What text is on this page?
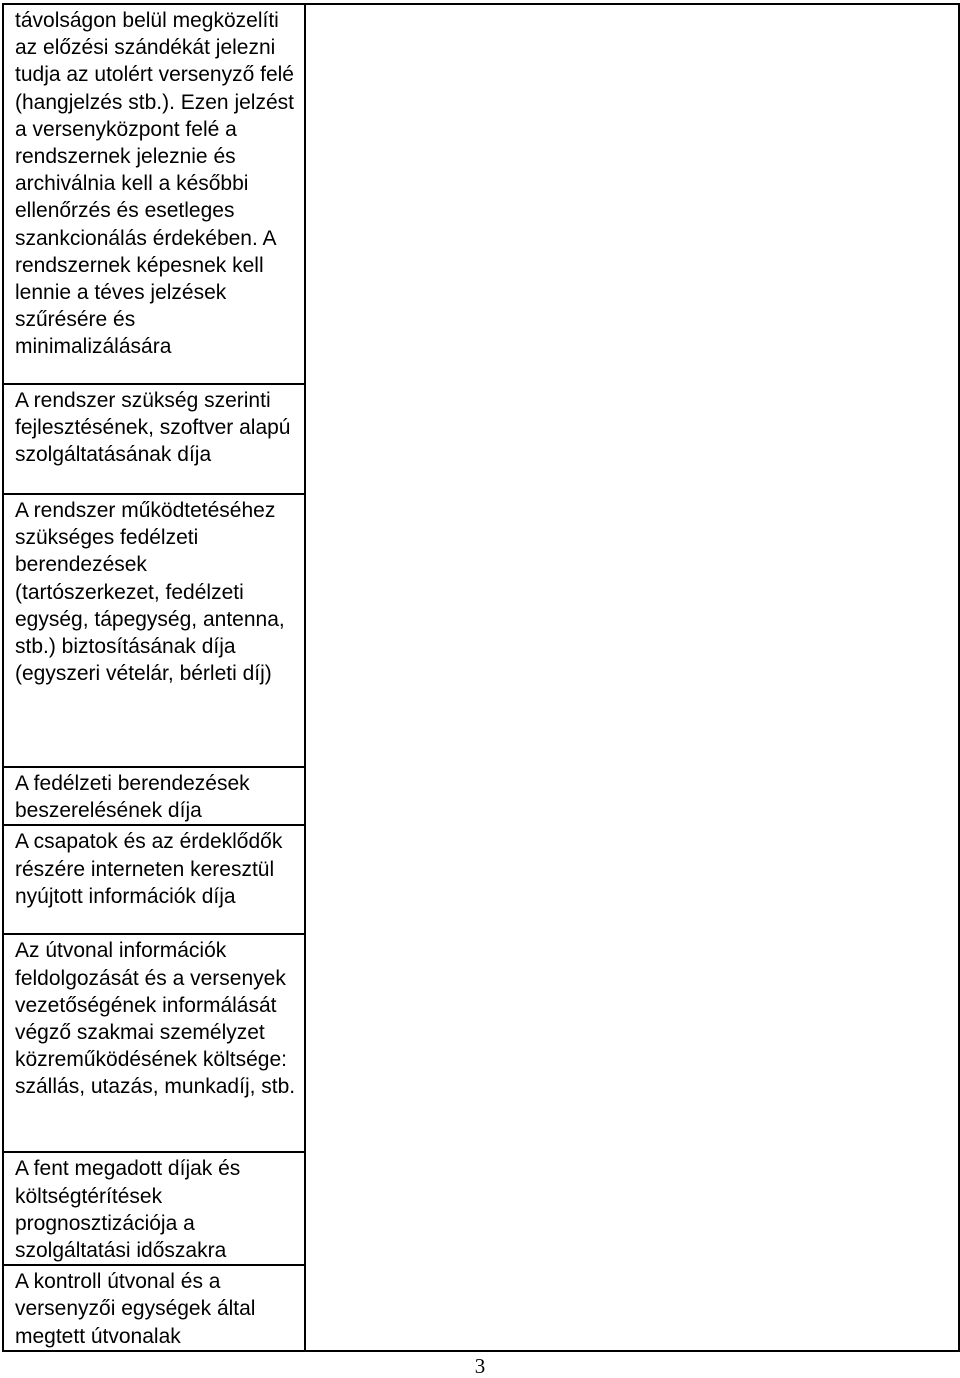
távolságon belül megközelíti az előzési szándékát jelezni tudja az utolért versenyző felé (hangjelzés stb.). Ezen jelzést a versenyközpont felé a rendszernek jeleznie és archiválnia kell a későbbi ellenőrzés és esetleges szankcionálás érdekében. A rendszernek képesnek kell lennie a téves jelzések szűrésére és minimalizálására	
A rendszer szükség szerinti fejlesztésének, szoftver alapú szolgáltatásának díja
A rendszer működtetéséhez szükséges fedélzeti berendezések (tartószerkezet, fedélzeti egység, tápegység, antenna, stb.) biztosításának díja (egyszeri vételár, bérleti díj)
A fedélzeti berendezések beszerelésének díja
A csapatok és az érdeklődők részére interneten keresztül nyújtott információk díja
Az útvonal információk feldolgozását és a versenyek vezetőségének informálását végző szakmai személyzet közreműködésének költsége: szállás, utazás, munkadíj, stb.
A fent megadott díjak és költségtérítések prognosztizációja a szolgáltatási időszakra
A kontroll útvonal és a versenyzői egységek által megtett útvonalak
3
